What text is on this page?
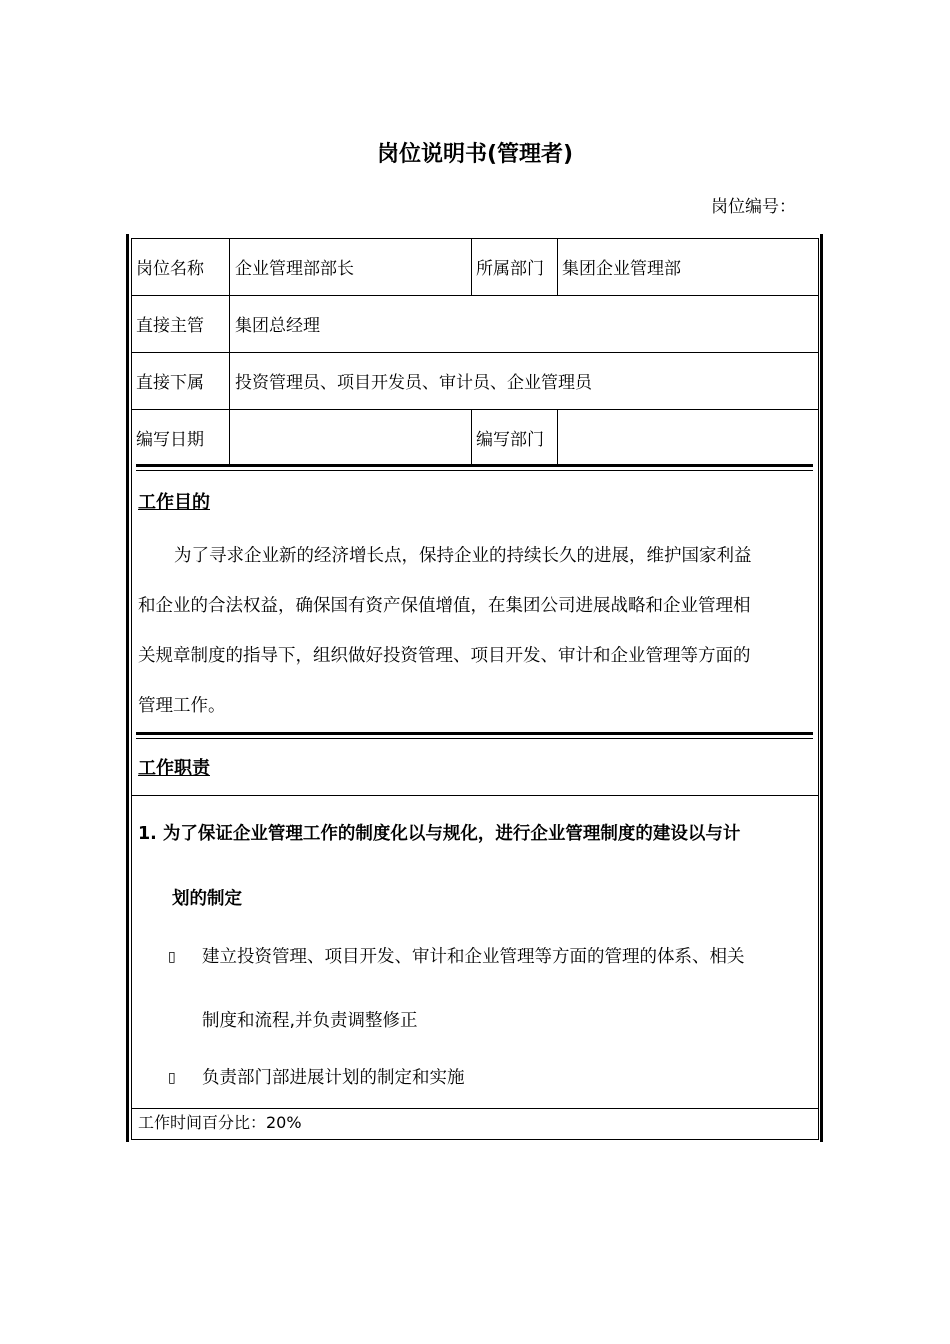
岗位说明书(管理者)
岗位编号：
岗位名称 企业管理部部长	所属部门 集团企业管理部
直接主管 集团总经理
直接下属 投资管理员、项目开发员、审计员、企业管理员
编写日期	编写部门
工作目的
为了寻求企业新的经济增长点，保持企业的持续长久的进展，维护国家利益
和企业的合法权益，确保国有资产保值增值，在集团公司进展战略和企业管理相
关规章制度的指导下，组织做好投资管理、项目开发、审计和企业管理等方面的
管理工作。
工作职责
1. 为了保证企业管理工作的制度化以与规化，进行企业管理制度的建设以与计
划的制定
▯ 建立投资管理、项目开发、审计和企业管理等方面的管理的体系、相关
制度和流程,并负责调整修正
▯ 负责部门部进展计划的制定和实施
工作时间百分比：20%
